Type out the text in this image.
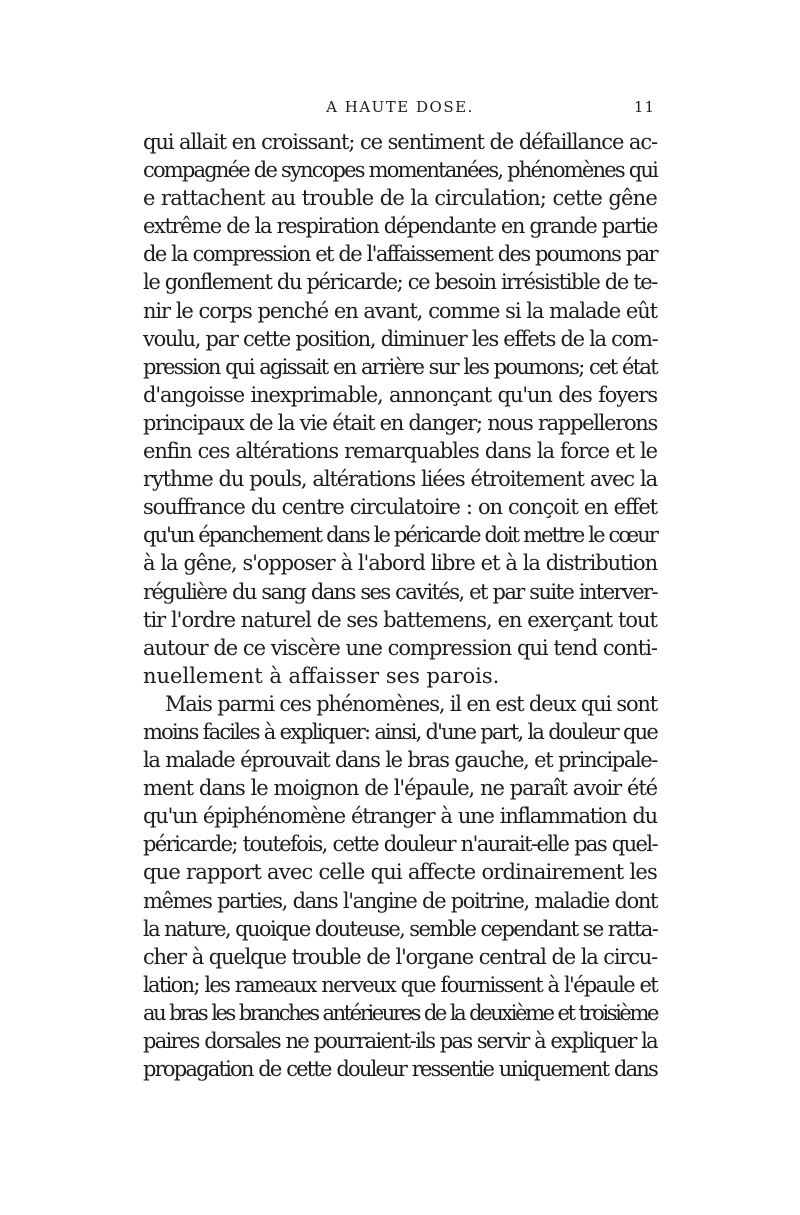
A HAUTE DOSE.	11
qui allait en croissant; ce sentiment de défaillance ac-
compagnée de syncopes momentanées, phénomènes qui
e rattachent au trouble de la circulation; cette gêne
extrême de la respiration dépendante en grande partie
de la compression et de l'affaissement des poumons par
le gonflement du péricarde; ce besoin irrésistible de te-
nir le corps penché en avant, comme si la malade eût
voulu, par cette position, diminuer les effets de la com-
pression qui agissait en arrière sur les poumons; cet état
d'angoisse inexprimable, annonçant qu'un des foyers
principaux de la vie était en danger; nous rappellerons
enfin ces altérations remarquables dans la force et le
rythme du pouls, altérations liées étroitement avec la
souffrance du centre circulatoire : on conçoit en effet
qu'un épanchement dans le péricarde doit mettre le cœur
à la gêne, s'opposer à l'abord libre et à la distribution
régulière du sang dans ses cavités, et par suite interver-
tir l'ordre naturel de ses battemens, en exerçant tout
autour de ce viscère une compression qui tend conti-
nuellement à affaisser ses parois.
Mais parmi ces phénomènes, il en est deux qui sont
moins faciles à expliquer: ainsi, d'une part, la douleur que
la malade éprouvait dans le bras gauche, et principale-
ment dans le moignon de l'épaule, ne paraît avoir été
qu'un épiphénomène étranger à une inflammation du
péricarde; toutefois, cette douleur n'aurait-elle pas quel-
que rapport avec celle qui affecte ordinairement les
mêmes parties, dans l'angine de poitrine, maladie dont
la nature, quoique douteuse, semble cependant se ratta-
cher à quelque trouble de l'organe central de la circu-
lation; les rameaux nerveux que fournissent à l'épaule et
au bras les branches antérieures de la deuxième et troisième
paires dorsales ne pourraient-ils pas servir à expliquer la
propagation de cette douleur ressentie uniquement dans
